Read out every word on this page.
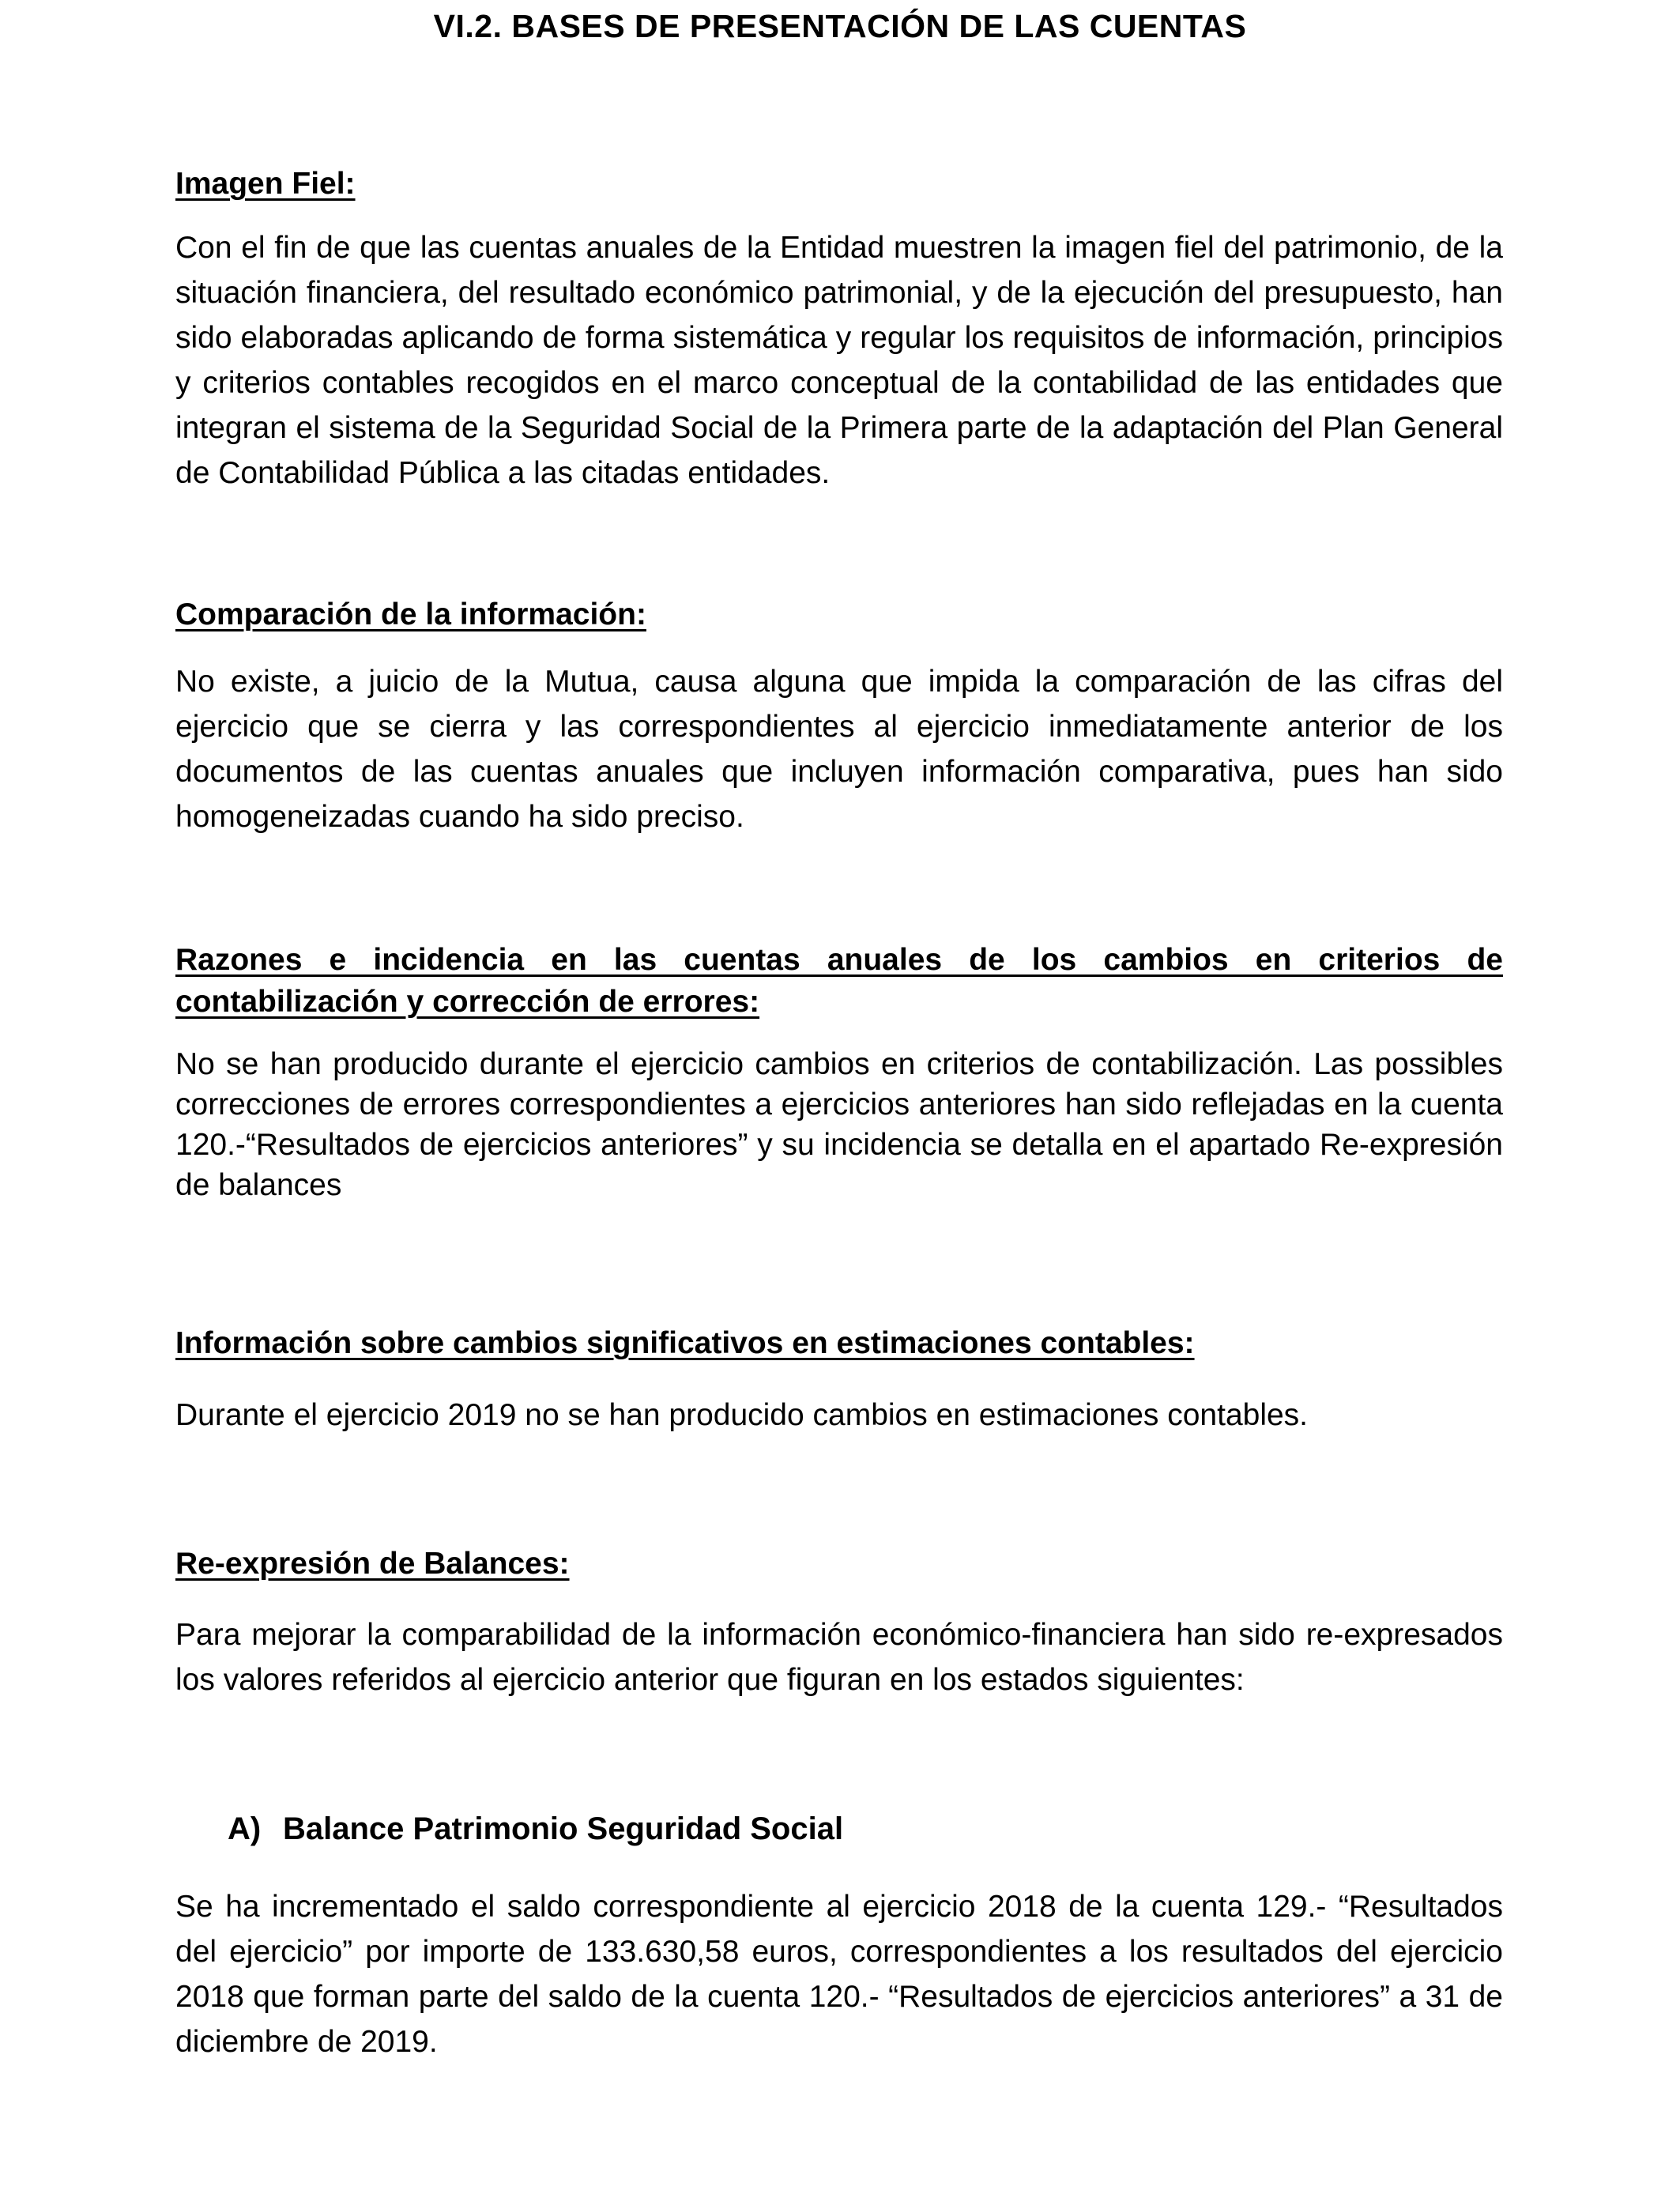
VI.2. BASES DE PRESENTACIÓN DE LAS CUENTAS
Imagen Fiel:
Con el fin de que las cuentas anuales de la Entidad muestren la imagen fiel del patrimonio, de la situación financiera, del resultado económico patrimonial, y de la ejecución del presupuesto, han sido elaboradas aplicando de forma sistemática y regular los requisitos de información, principios y criterios contables recogidos en el marco conceptual de la contabilidad de las entidades que integran el sistema de la Seguridad Social de la Primera parte de la adaptación del Plan General de Contabilidad Pública a las citadas entidades.
Comparación de la información:
No existe, a juicio de la Mutua, causa alguna que impida la comparación de las cifras del ejercicio que se cierra y las correspondientes al ejercicio inmediatamente anterior de los documentos de las cuentas anuales que incluyen información comparativa, pues han sido homogeneizadas cuando ha sido preciso.
Razones e incidencia en las cuentas anuales de los cambios en criterios de contabilización y corrección de errores:
No se han producido durante el ejercicio cambios en criterios de contabilización. Las possibles correcciones de errores correspondientes a ejercicios anteriores han sido reflejadas en la cuenta 120.-“Resultados de ejercicios anteriores” y su incidencia se detalla en el apartado Re-expresión de balances
Información sobre cambios significativos en estimaciones contables:
Durante el ejercicio 2019 no se han producido cambios en estimaciones contables.
Re-expresión de Balances:
Para mejorar la comparabilidad de la información económico-financiera han sido re-expresados los valores referidos al ejercicio anterior que figuran en los estados siguientes:
A) Balance Patrimonio Seguridad Social
Se ha incrementado el saldo correspondiente al ejercicio 2018 de la cuenta 129.- “Resultados del ejercicio” por importe de 133.630,58 euros, correspondientes a los resultados del ejercicio 2018 que forman parte del saldo de la cuenta 120.- “Resultados de ejercicios anteriores” a 31 de diciembre de 2019.
